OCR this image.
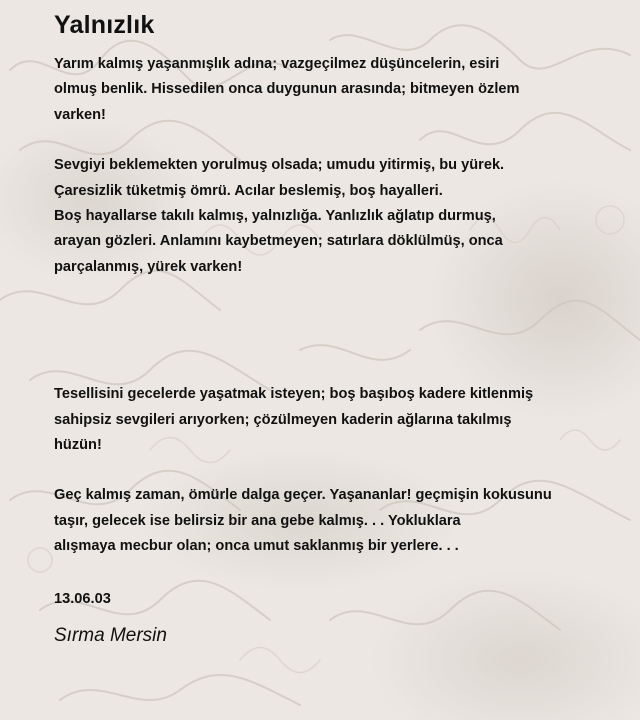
Yalnızlık

Yarım kalmış yaşanmışlık adına; vazgeçilmez düşüncelerin, esiri
olmuş benlik. Hissedilen onca duygunun arasında; bitmeyen özlem
varken!

Sevgiyi beklemekten yorulmuş olsada; umudu yitirmiş, bu yürek.
Çaresizlik tüketmiş ömrü. Acılar beslemiş, boş hayalleri.
Boş hayallarse takılı kalmış, yalnızlığa. Yanlızlık ağlatıp durmuş,
arayan gözleri. Anlamını kaybetmeyen; satırlara döklülmüş, onca
parçalanmış, yürek varken!

Tesellisini gecelerde yaşatmak isteyen; boş başıboş kadere kitlenmiş
sahipsiz sevgileri arıyorken; çözülmeyen kaderin ağlarına takılmış
hüzün!

Geç kalmış zaman, ömürle dalga geçer. Yaşananlar! geçmişin kokusunu
taşır, gelecek ise belirsiz bir ana gebe kalmış. . . Yokluklara
alışmaya mecbur olan; onca umut saklanmış bir yerlere. . .

13.06.03
Sırma Mersin
